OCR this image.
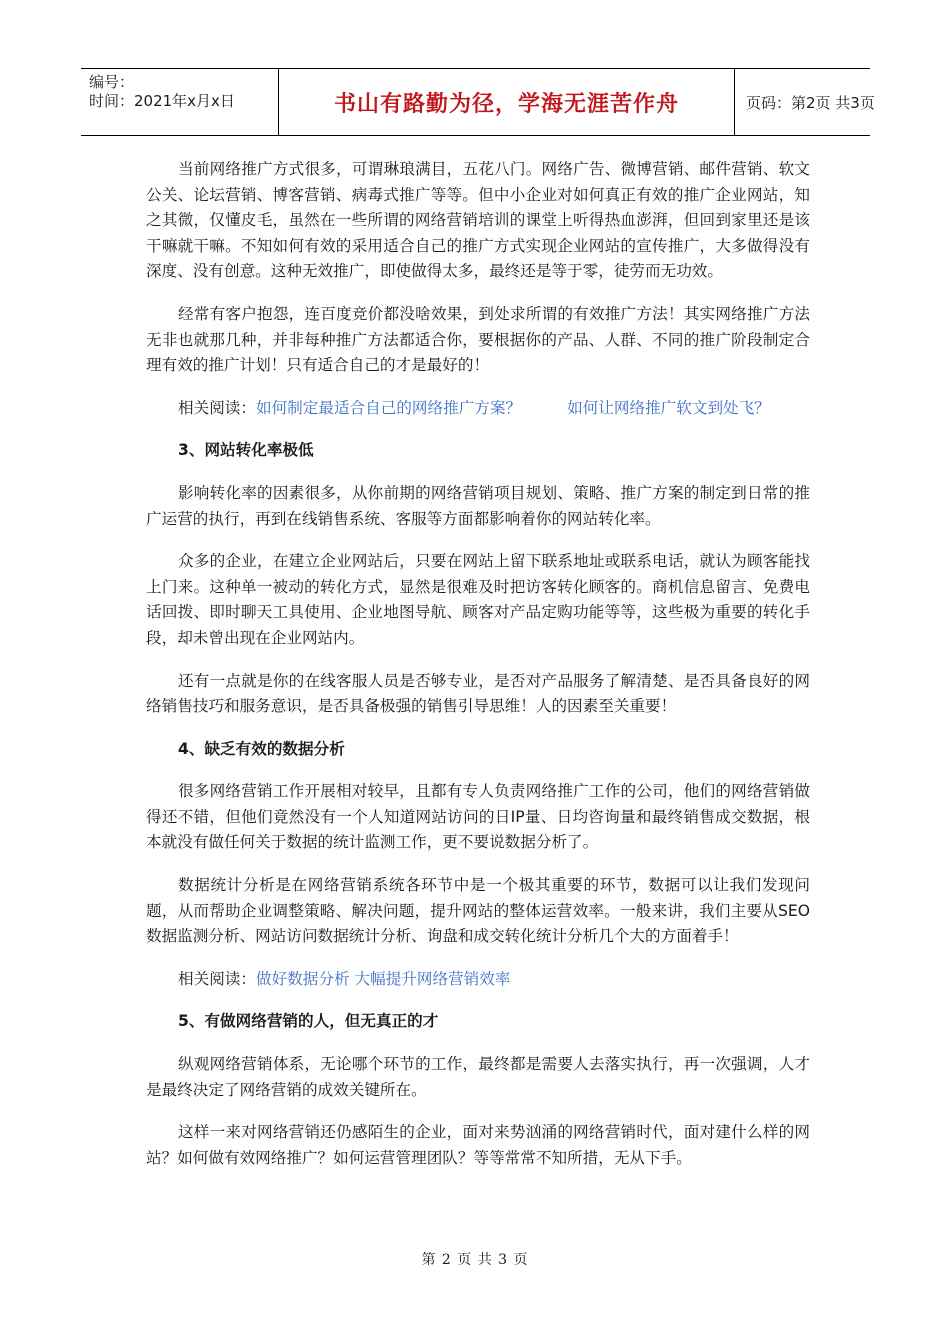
编号：
时间：2021年x月x日	书山有路勤为径，学海无涯苦作舟	页码：第2页 共3页

当前网络推广方式很多，可谓琳琅满目，五花八门。网络广告、微博营销、邮件营销、软文公关、论坛营销、博客营销、病毒式推广等等。但中小企业对如何真正有效的推广企业网站，知之其微，仅懂皮毛，虽然在一些所谓的网络营销培训的课堂上听得热血澎湃，但回到家里还是该干嘛就干嘛。不知如何有效的采用适合自己的推广方式实现企业网站的宣传推广，大多做得没有深度、没有创意。这种无效推广，即使做得太多，最终还是等于零，徒劳而无功效。

经常有客户抱怨，连百度竞价都没啥效果，到处求所谓的有效推广方法！其实网络推广方法无非也就那几种，并非每种推广方法都适合你，要根据你的产品、人群、不同的推广阶段制定合理有效的推广计划！只有适合自己的才是最好的！

相关阅读：如何制定最适合自己的网络推广方案？	如何让网络推广软文到处飞？

3、网站转化率极低

影响转化率的因素很多，从你前期的网络营销项目规划、策略、推广方案的制定到日常的推广运营的执行，再到在线销售系统、客服等方面都影响着你的网站转化率。

众多的企业，在建立企业网站后，只要在网站上留下联系地址或联系电话，就认为顾客能找上门来。这种单一被动的转化方式，显然是很难及时把访客转化顾客的。商机信息留言、免费电话回拨、即时聊天工具使用、企业地图导航、顾客对产品定购功能等等，这些极为重要的转化手段，却未曾出现在企业网站内。

还有一点就是你的在线客服人员是否够专业，是否对产品服务了解清楚、是否具备良好的网络销售技巧和服务意识，是否具备极强的销售引导思维！人的因素至关重要！

4、缺乏有效的数据分析

很多网络营销工作开展相对较早，且都有专人负责网络推广工作的公司，他们的网络营销做得还不错，但他们竟然没有一个人知道网站访问的日IP量、日均咨询量和最终销售成交数据，根本就没有做任何关于数据的统计监测工作，更不要说数据分析了。

数据统计分析是在网络营销系统各环节中是一个极其重要的环节，数据可以让我们发现问题，从而帮助企业调整策略、解决问题，提升网站的整体运营效率。一般来讲，我们主要从SEO数据监测分析、网站访问数据统计分析、询盘和成交转化统计分析几个大的方面着手！

相关阅读：做好数据分析 大幅提升网络营销效率

5、有做网络营销的人，但无真正的才

纵观网络营销体系，无论哪个环节的工作，最终都是需要人去落实执行，再一次强调，人才是最终决定了网络营销的成效关键所在。

这样一来对网络营销还仍感陌生的企业，面对来势汹涌的网络营销时代，面对建什么样的网站？如何做有效网络推广？如何运营管理团队？等等常常不知所措，无从下手。

第 2 页 共 3 页
